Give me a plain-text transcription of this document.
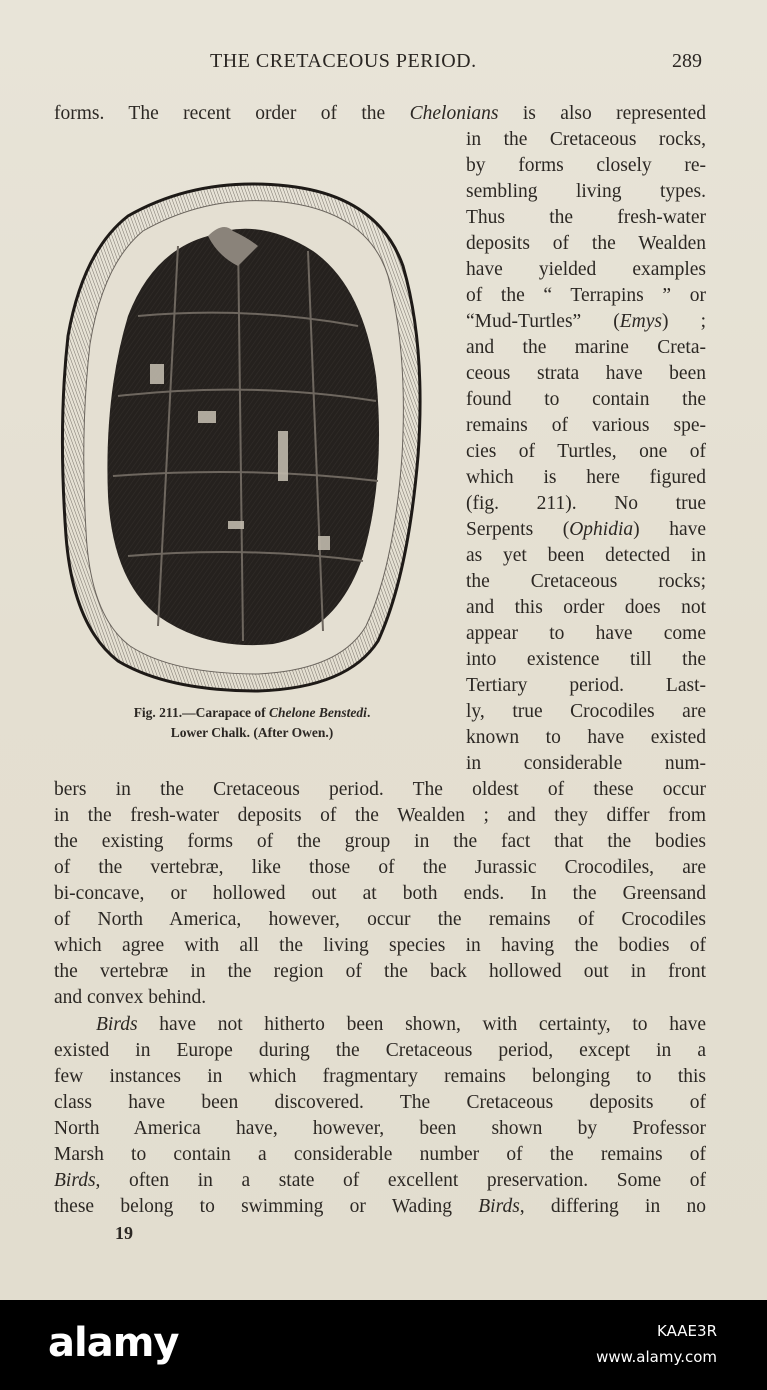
THE CRETACEOUS PERIOD.	289
forms. The recent order of the Chelonians is also represented
Fig. 211.—Carapace of Chelone Benstedi.
Lower Chalk. (After Owen.)
in the Cretaceous rocks,
by forms closely re-
sembling living types.
Thus the fresh-water
deposits of the Wealden
have yielded examples
of the “ Terrapins ” or
“Mud-Turtles” (Emys) ;
and the marine Creta-
ceous strata have been
found to contain the
remains of various spe-
cies of Turtles, one of
which is here figured
(fig. 211). No true
Serpents (Ophidia) have
as yet been detected in
the Cretaceous rocks;
and this order does not
appear to have come
into existence till the
Tertiary period. Last-
ly, true Crocodiles are
known to have existed
in considerable num-
bers in the Cretaceous period. The oldest of these occur
in the fresh-water deposits of the Wealden ; and they differ from
the existing forms of the group in the fact that the bodies
of the vertebræ, like those of the Jurassic Crocodiles, are
bi-concave, or hollowed out at both ends. In the Greensand
of North America, however, occur the remains of Crocodiles
which agree with all the living species in having the bodies of
the vertebræ in the region of the back hollowed out in front
and convex behind.
Birds have not hitherto been shown, with certainty, to have
existed in Europe during the Cretaceous period, except in a
few instances in which fragmentary remains belonging to this
class have been discovered. The Cretaceous deposits of
North America have, however, been shown by Professor
Marsh to contain a considerable number of the remains of
Birds, often in a state of excellent preservation. Some of
these belong to swimming or Wading Birds, differing in no
19
alamy	KAAE3R
www.alamy.com
